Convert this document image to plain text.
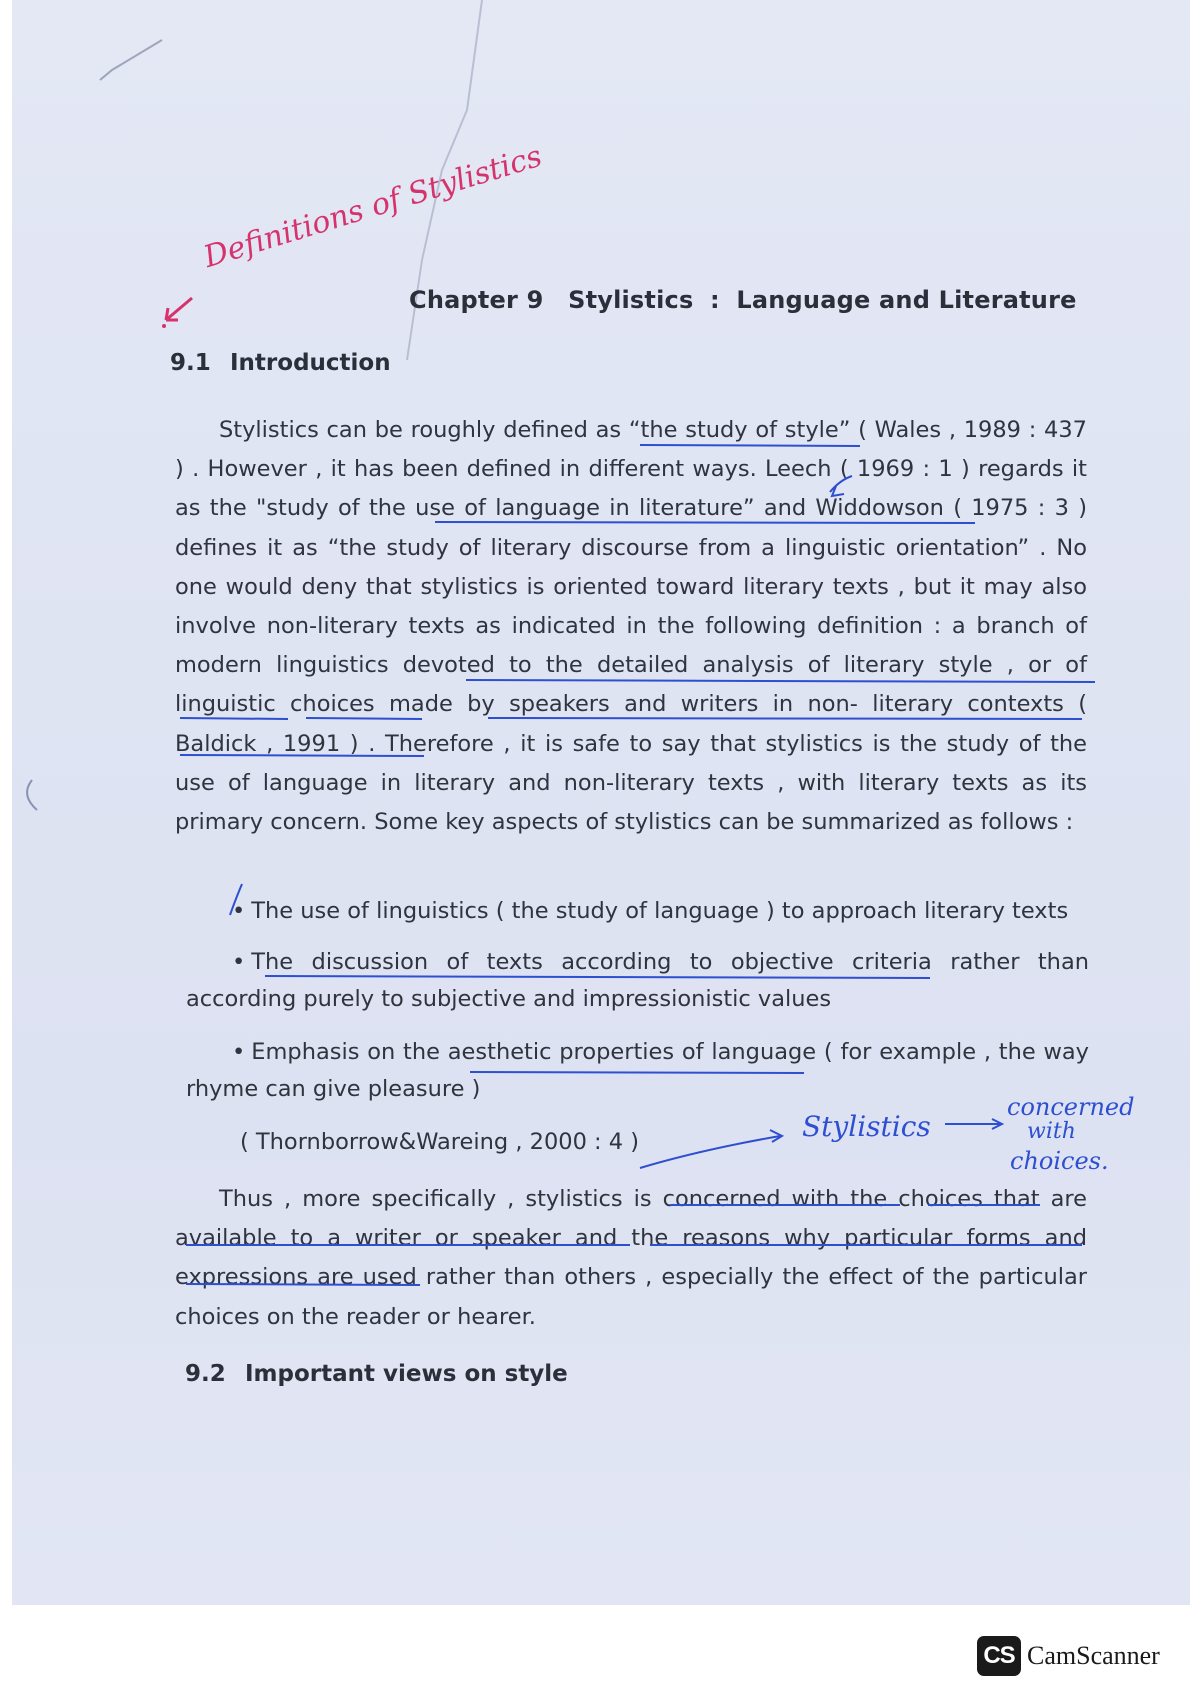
Definitions of Stylistics
Chapter 9 Stylistics : Language and Literature
9.1 Introduction
Stylistics can be roughly defined as “the study of style” ( Wales , 1989 : 437 ) . However , it has been defined in different ways. Leech ( 1969 : 1 ) regards it as the "study of the use of language in literature” and Widdowson ( 1975 : 3 ) defines it as “the study of literary discourse from a linguistic orientation” . No one would deny that stylistics is oriented toward literary texts , but it may also involve non-literary texts as indicated in the following definition : a branch of modern linguistics devoted to the detailed analysis of literary style , or of linguistic choices made by speakers and writers in non- literary contexts ( Baldick , 1991 ) . Therefore , it is safe to say that stylistics is the study of the use of language in literary and non-literary texts , with literary texts as its primary concern. Some key aspects of stylistics can be summarized as follows :
• The use of linguistics ( the study of language ) to approach literary texts
• The discussion of texts according to objective criteria rather than according purely to subjective and impressionistic values
• Emphasis on the aesthetic properties of language ( for example , the way rhyme can give pleasure )
( Thornborrow&Wareing , 2000 : 4 )	Stylistics
concerned
with
choices.
Thus , more specifically , stylistics is concerned with the choices that are available to a writer or speaker and the reasons why particular forms and expressions are used rather than others , especially the effect of the particular choices on the reader or hearer.
9.2 Important views on style
CS CamScanner
